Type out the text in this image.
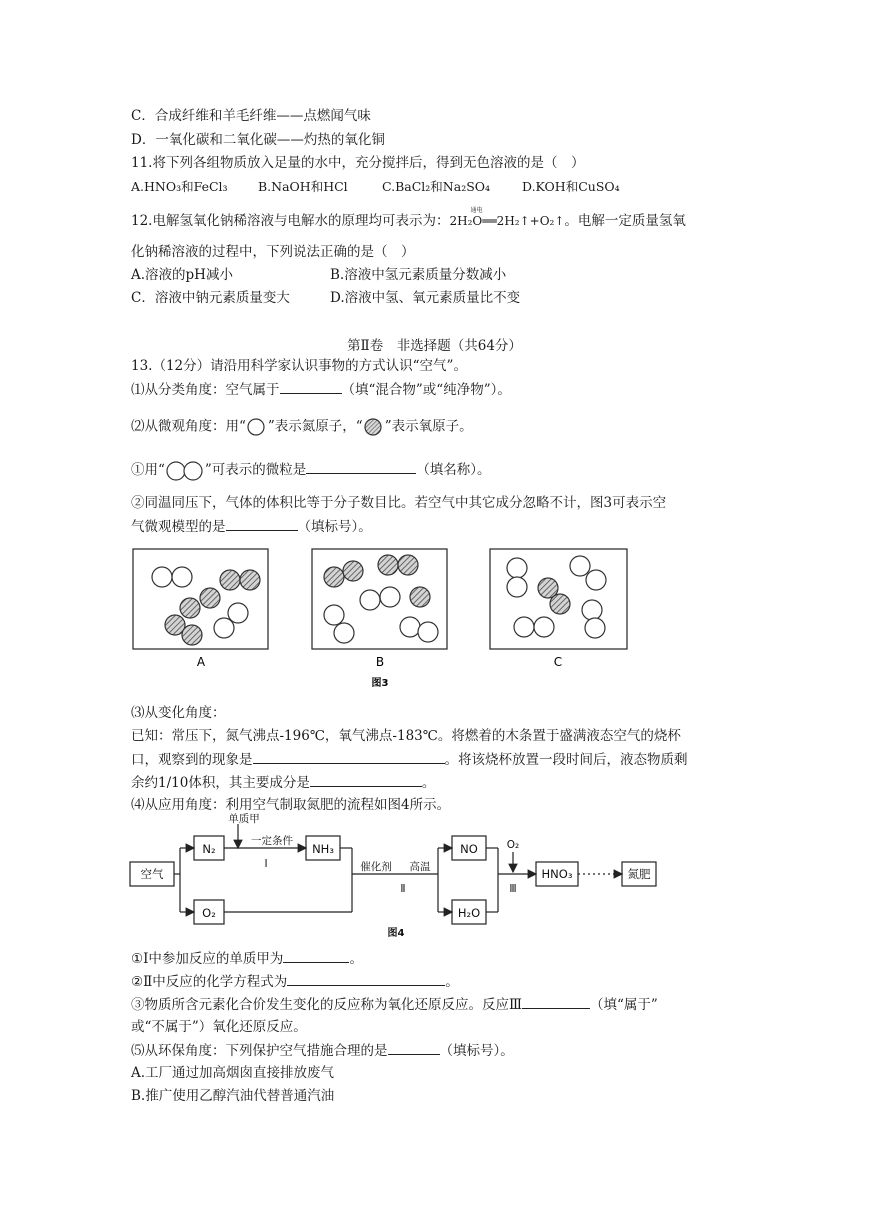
C．合成纤维和羊毛纤维——点燃闻气味
D．一氧化碳和二氧化碳——灼热的氧化铜
11.将下列各组物质放入足量的水中，充分搅拌后，得到无色溶液的是（　）
A.HNO₃和FeCl₃ B.NaOH和HCl	C.BaCl₂和Na₂SO₄	D.KOH和CuSO₄
12.电解氢氧化钠稀溶液与电解水的原理均可表示为：
通电
2H₂O══2H₂↑+O₂↑。电解一定质量氢氧
化钠稀溶液的过程中，下列说法正确的是（　）
A.溶液的pH减小	B.溶液中氢元素质量分数减小
C．溶液中钠元素质量变大	D.溶液中氢、氧元素质量比不变
第Ⅱ卷　非选择题（共64分）
13.（12分）请沿用科学家认识事物的方式认识“空气”。
⑴从分类角度：空气属于	（填“混合物”或“纯净物”）。
⑵从微观角度：用“ ”表示氮原子，“ ”表示氧原子。
①用“	”可表示的微粒是	（填名称）。
②同温同压下，气体的体积比等于分子数目比。若空气中其它成分忽略不计，图3可表示空
气微观模型的是	（填标号）。
A	B	C
图3
⑶从变化角度：
已知：常压下，氮气沸点-196℃，氧气沸点-183℃。将燃着的木条置于盛满液态空气的烧杯
口，观察到的现象是	。将该烧杯放置一段时间后，液态物质剩
余约1/10体积，其主要成分是	。
⑷从应用角度：利用空气制取氮肥的流程如图4所示。
空气
N₂
O₂
NH₃	NO
H₂O
HNO₃	氮肥
单质甲
一定条件
Ⅰ	催化剂 高温
Ⅱ
O₂
Ⅲ
图4
①Ⅰ中参加反应的单质甲为	。
②Ⅱ中反应的化学方程式为	。
③物质所含元素化合价发生变化的反应称为氧化还原反应。反应Ⅲ	（填“属于”
或“不属于”）氧化还原反应。
⑸从环保角度：下列保护空气措施合理的是	（填标号）。
A.工厂通过加高烟囱直接排放废气
B.推广使用乙醇汽油代替普通汽油
